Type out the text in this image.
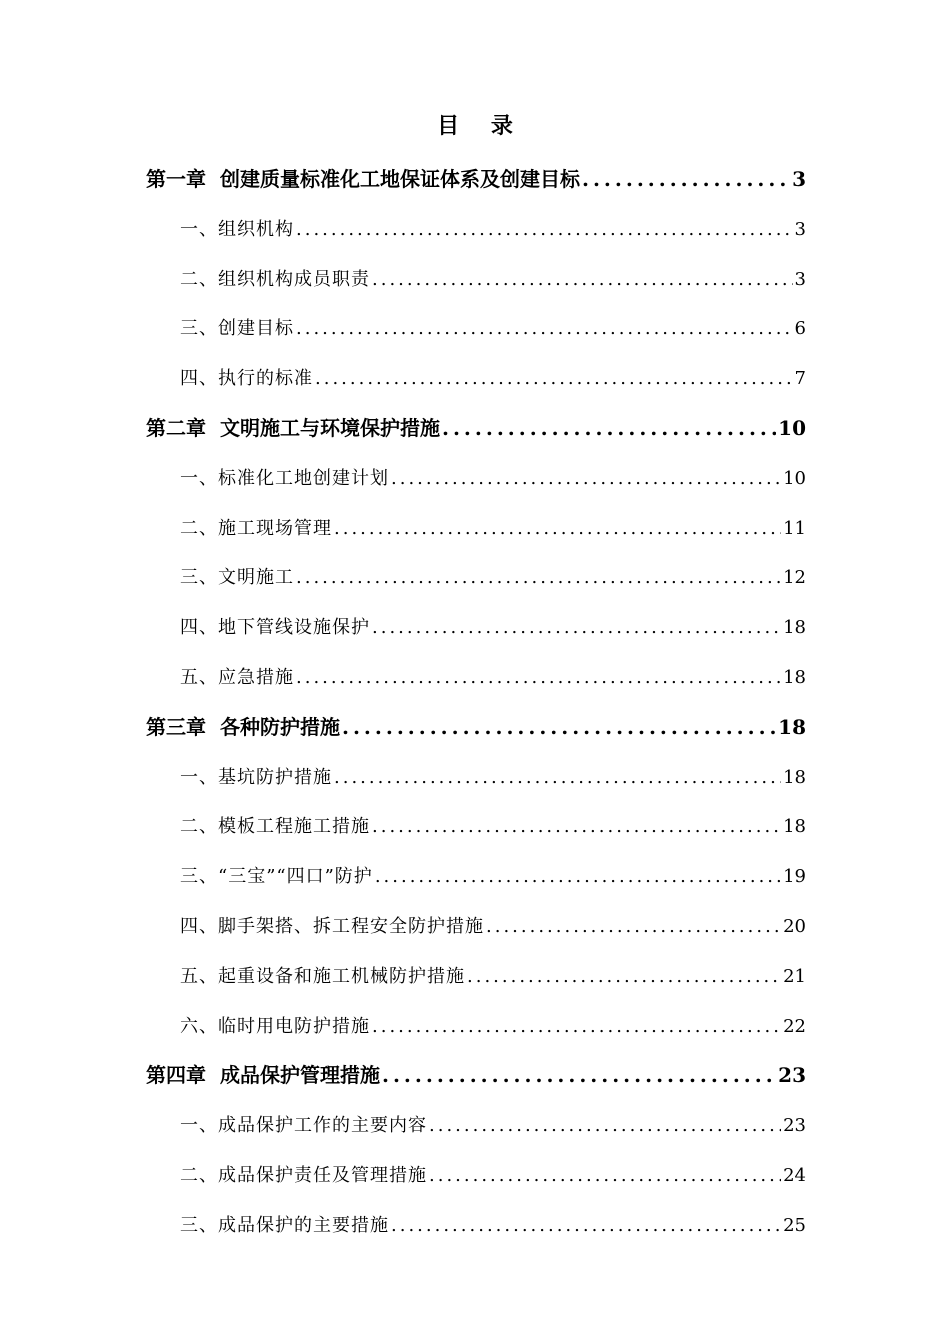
目 录
第一章 创建质量标准化工地保证体系及创建目标 .....	3
一、组织机构 .....	3
二、组织机构成员职责 .....	3
三、创建目标 .....	6
四、执行的标准 .....	7
第二章 文明施工与环境保护措施 .....	10
一、标准化工地创建计划 .....	10
二、施工现场管理 .....	11
三、文明施工 .....	12
四、地下管线设施保护 .....	18
五、应急措施 .....	18
第三章 各种防护措施 .....	18
一、基坑防护措施 .....	18
二、模板工程施工措施 .....	18
三、“三宝”“四口”防护 .....	19
四、脚手架搭、拆工程安全防护措施 .....	20
五、起重设备和施工机械防护措施 .....	21
六、临时用电防护措施 .....	22
第四章 成品保护管理措施 .....	23
一、成品保护工作的主要内容 .....	23
二、成品保护责任及管理措施 .....	24
三、成品保护的主要措施 .....	25
